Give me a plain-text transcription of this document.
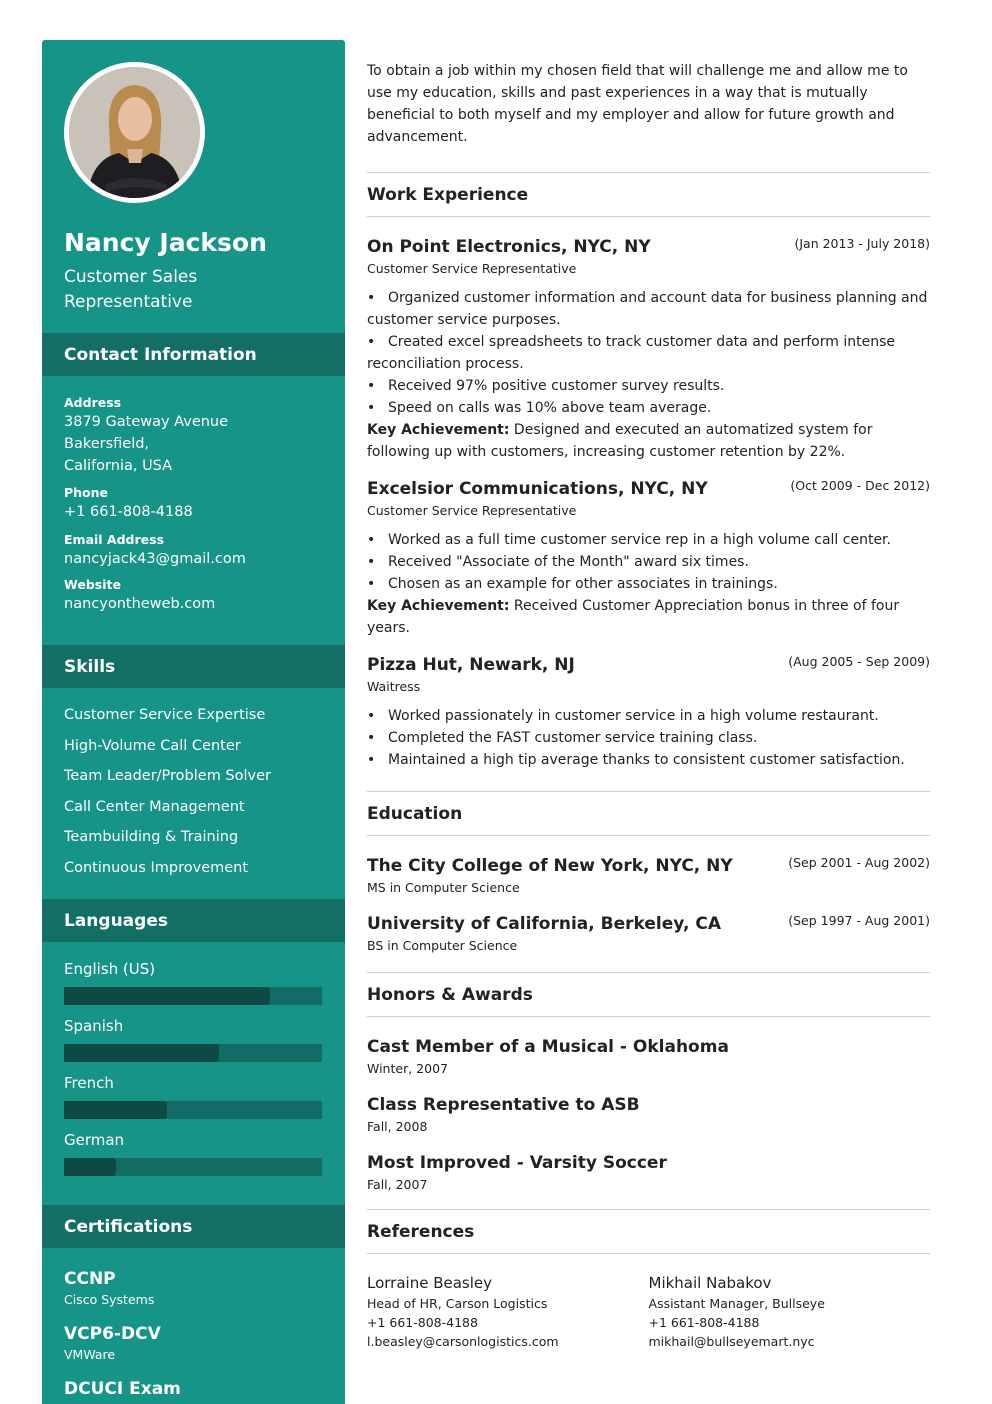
Nancy Jackson
Customer Sales Representative
Contact Information
Address
3879 Gateway Avenue
Bakersfield,
California, USA
Phone
+1 661-808-4188
Email Address
nancyjack43@gmail.com
Website
nancyontheweb.com
Skills
Customer Service Expertise
High-Volume Call Center
Team Leader/Problem Solver
Call Center Management
Teambuilding & Training
Continuous Improvement
Languages
English (US)
Spanish
French
German
Certifications
CCNP
Cisco Systems
VCP6-DCV
VMWare
DCUCI Exam
To obtain a job within my chosen field that will challenge me and allow me to use my education, skills and past experiences in a way that is mutually beneficial to both myself and my employer and allow for future growth and advancement.
Work Experience
On Point Electronics, NYC, NY	(Jan 2013 - July 2018)
Customer Service Representative
• Organized customer information and account data for business planning and customer service purposes.
• Created excel spreadsheets to track customer data and perform intense reconciliation process.
• Received 97% positive customer survey results.
• Speed on calls was 10% above team average.
Key Achievement: Designed and executed an automatized system for following up with customers, increasing customer retention by 22%.
Excelsior Communications, NYC, NY	(Oct 2009 - Dec 2012)
Customer Service Representative
• Worked as a full time customer service rep in a high volume call center.
• Received "Associate of the Month" award six times.
• Chosen as an example for other associates in trainings.
Key Achievement: Received Customer Appreciation bonus in three of four years.
Pizza Hut, Newark, NJ	(Aug 2005 - Sep 2009)
Waitress
• Worked passionately in customer service in a high volume restaurant.
• Completed the FAST customer service training class.
• Maintained a high tip average thanks to consistent customer satisfaction.
Education
The City College of New York, NYC, NY	(Sep 2001 - Aug 2002)
MS in Computer Science
University of California, Berkeley, CA	(Sep 1997 - Aug 2001)
BS in Computer Science
Honors & Awards
Cast Member of a Musical - Oklahoma
Winter, 2007
Class Representative to ASB
Fall, 2008
Most Improved - Varsity Soccer
Fall, 2007
References
Lorraine Beasley
Head of HR, Carson Logistics
+1 661-808-4188
l.beasley@carsonlogistics.com
Mikhail Nabakov
Assistant Manager, Bullseye
+1 661-808-4188
mikhail@bullseyemart.nyc
